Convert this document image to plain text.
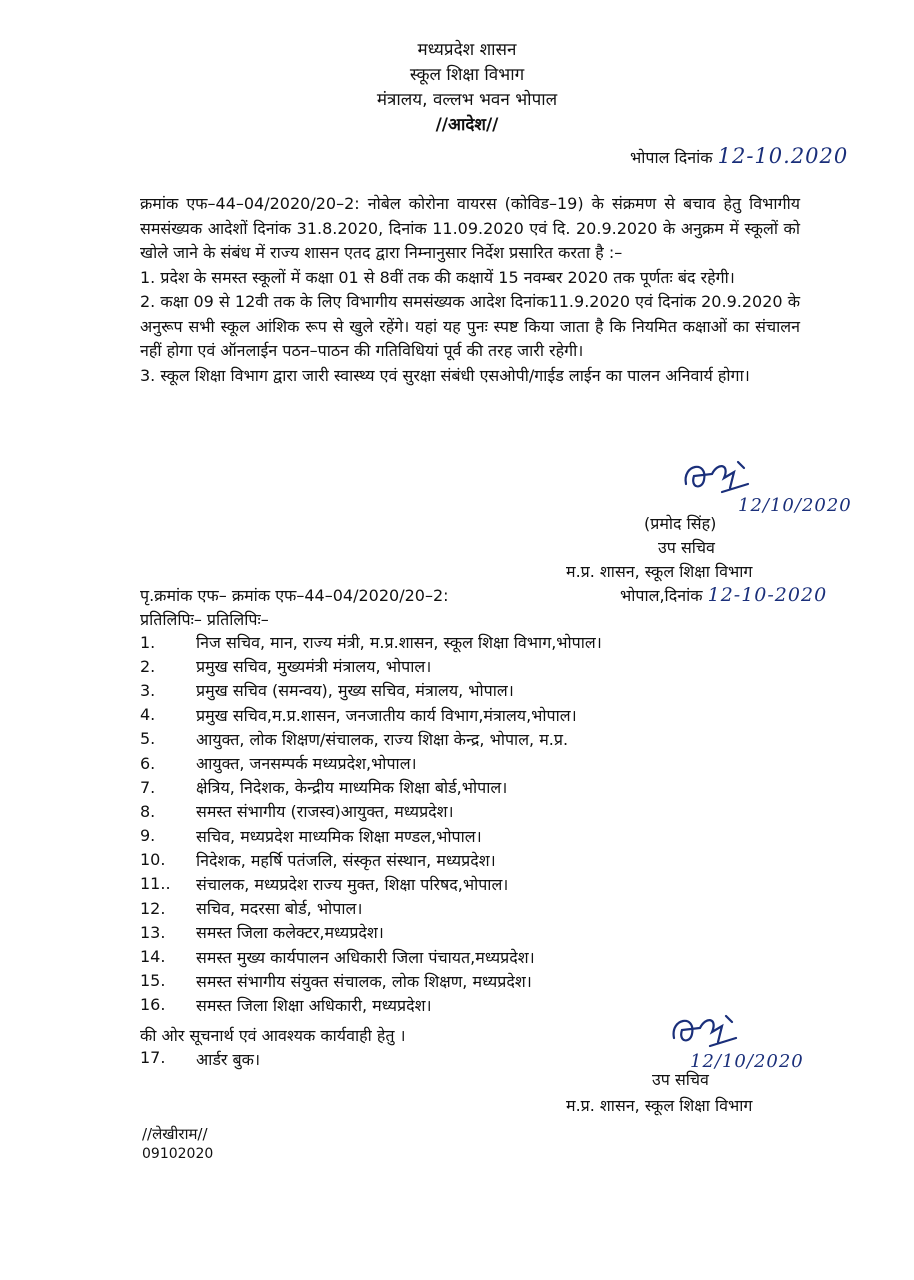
मध्यप्रदेश शासन
स्कूल शिक्षा विभाग
मंत्रालय, वल्लभ भवन भोपाल
//आदेश//
भोपाल दिनांक 12-10.2020

क्रमांक एफ–44–04/2020/20–2: नोबेल कोरोना वायरस (कोविड–19) के संक्रमण से बचाव हेतु विभागीय समसंख्यक आदेशों दिनांक 31.8.2020, दिनांक 11.09.2020 एवं दि. 20.9.2020 के अनुक्रम में स्कूलों को खोले जाने के संबंध में राज्य शासन एतद द्वारा निम्नानुसार निर्देश प्रसारित करता है :–

1. प्रदेश के समस्त स्कूलों में कक्षा 01 से 8वीं तक की कक्षायें 15 नवम्बर 2020 तक पूर्णतः बंद रहेगी।

2. कक्षा 09 से 12वी तक के लिए विभागीय समसंख्यक आदेश दिनांक11.9.2020 एवं दिनांक 20.9.2020 के अनुरूप सभी स्कूल आंशिक रूप से खुले रहेंगे। यहां यह पुनः स्पष्ट किया जाता है कि नियमित कक्षाओं का संचालन नहीं होगा एवं ऑनलाईन पठन–पाठन की गतिविधियां पूर्व की तरह जारी रहेगी।

3. स्कूल शिक्षा विभाग द्वारा जारी स्वास्थ्य एवं सुरक्षा संबंधी एसओपी/गाईड लाईन का पालन अनिवार्य होगा।

12/10/2020
(प्रमोद सिंह)
उप सचिव
म.प्र. शासन, स्कूल शिक्षा विभाग
पृ.क्रमांक एफ– क्रमांक एफ–44–04/2020/20–2:
प्रतिलिपिः– प्रतिलिपिः–
भोपाल,दिनांक 12-10-2020
1.	निज सचिव, मान, राज्य मंत्री, म.प्र.शासन, स्कूल शिक्षा विभाग,भोपाल।
2.	प्रमुख सचिव, मुख्यमंत्री मंत्रालय, भोपाल।
3.	प्रमुख सचिव (समन्वय), मुख्य सचिव, मंत्रालय, भोपाल।
4.	प्रमुख सचिव,म.प्र.शासन, जनजातीय कार्य विभाग,मंत्रालय,भोपाल।
5.	आयुक्त, लोक शिक्षण/संचालक, राज्य शिक्षा केन्द्र, भोपाल, म.प्र.
6.	आयुक्त, जनसम्पर्क मध्यप्रदेश,भोपाल।
7.	क्षेत्रिय, निदेशक, केन्द्रीय माध्यमिक शिक्षा बोर्ड,भोपाल।
8.	समस्त संभागीय (राजस्व)आयुक्त, मध्यप्रदेश।
9.	सचिव, मध्यप्रदेश माध्यमिक शिक्षा मण्डल,भोपाल।
10.	निदेशक, महर्षि पतंजलि, संस्कृत संस्थान, मध्यप्रदेश।
11..	संचालक, मध्यप्रदेश राज्य मुक्त, शिक्षा परिषद,भोपाल।
12.	सचिव, मदरसा बोर्ड, भोपाल।
13.	समस्त जिला कलेक्टर,मध्यप्रदेश।
14.	समस्त मुख्य कार्यपालन अधिकारी जिला पंचायत,मध्यप्रदेश।
15.	समस्त संभागीय संयुक्त संचालक, लोक शिक्षण, मध्यप्रदेश।
16.	समस्त जिला शिक्षा अधिकारी, मध्यप्रदेश।
की ओर सूचनार्थ एवं आवश्यक कार्यवाही हेतु ।
17.	आर्डर बुक।	12/10/2020
उप सचिव
म.प्र. शासन, स्कूल शिक्षा विभाग
//लेखीराम//
09102020
